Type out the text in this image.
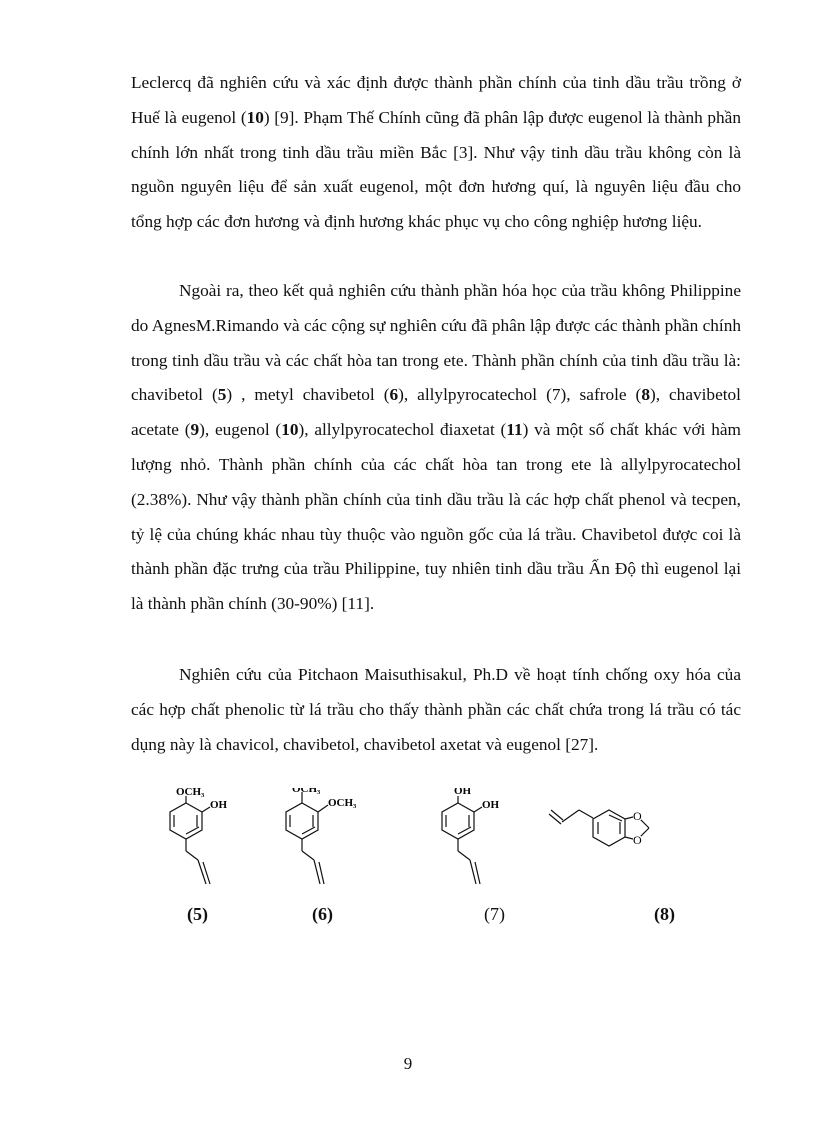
Leclercq đã nghiên cứu và xác định được thành phần chính của tinh dầu trầu trồng ở Huế là eugenol (10) [9]. Phạm Thế Chính cũng đã phân lập được eugenol là thành phần chính lớn nhất trong tinh dầu trầu miền Bắc [3]. Như vậy tinh dầu trầu không còn là nguồn nguyên liệu để sản xuất eugenol, một đơn hương quí, là nguyên liệu đầu cho tổng hợp các đơn hương và định hương khác phục vụ cho công nghiệp hương liệu.

Ngoài ra, theo kết quả nghiên cứu thành phần hóa học của trầu không Philippine do AgnesM.Rimando và các cộng sự nghiên cứu đã phân lập được các thành phần chính trong tinh dầu trầu và các chất hòa tan trong ete. Thành phần chính của tinh dầu trầu là: chavibetol (5) , metyl chavibetol (6), allylpyrocatechol (7), safrole (8), chavibetol acetate (9), eugenol (10), allylpyrocatechol điaxetat (11) và một số chất khác với hàm lượng nhỏ. Thành phần chính của các chất hòa tan trong ete là allylpyrocatechol (2.38%). Như vậy thành phần chính của tinh dầu trầu là các hợp chất phenol và tecpen, tỷ lệ của chúng khác nhau tùy thuộc vào nguồn gốc của lá trầu. Chavibetol được coi là thành phần đặc trưng của trầu Philippine, tuy nhiên tinh dầu trầu Ấn Độ thì eugenol lại là thành phần chính (30-90%) [11].

Nghiên cứu của Pitchaon Maisuthisakul, Ph.D về hoạt tính chống oxy hóa của các hợp chất phenolic từ lá trầu cho thấy thành phần các chất chứa trong lá trầu có tác dụng này là chavicol, chavibetol, chavibetol axetat và eugenol [27].

OCH₃
OH
OCH₃
OCH₃
OH
OH
O
O
(5)	(6)	(7)	(8)
9
